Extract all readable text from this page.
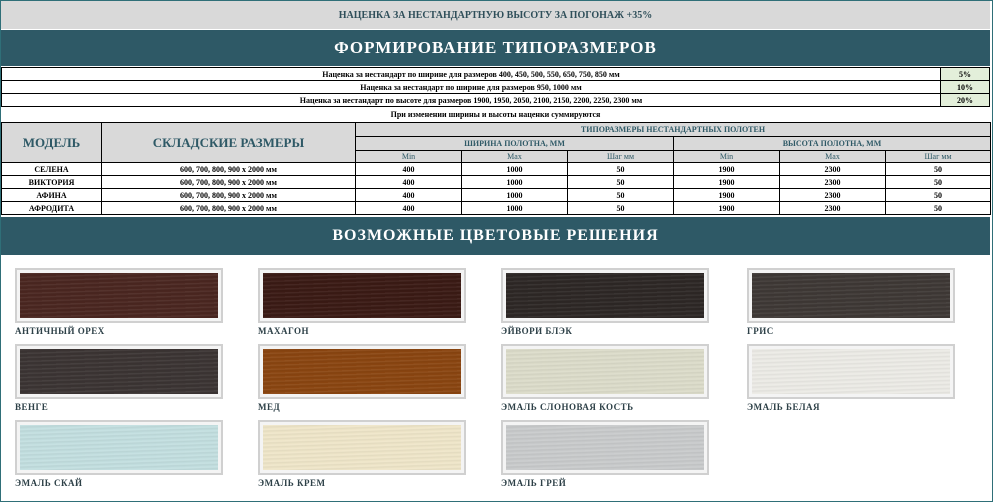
НАЦЕНКА ЗА НЕСТАНДАРТНУЮ ВЫСОТУ ЗА ПОГОНАЖ +35%
ФОРМИРОВАНИЕ ТИПОРАЗМЕРОВ
Наценка за нестандарт по ширине для размеров 400, 450, 500, 550, 650, 750, 850 мм	5%
Наценка за нестандарт по ширине для размеров 950, 1000 мм	10%
Наценка за нестандарт по высоте для размеров 1900, 1950, 2050, 2100, 2150, 2200, 2250, 2300 мм	20%
При изменении ширины и высоты наценки суммируются
МОДЕЛЬ	СКЛАДСКИЕ РАЗМЕРЫ	ТИПОРАЗМЕРЫ НЕСТАНДАРТНЫХ ПОЛОТЕН					
		ШИРИНА ПОЛОТНА, ММ			ВЫСОТА ПОЛОТНА, ММ		
		Min	Max	Шаг мм	Min	Max	Шаг мм
СЕЛЕНА	600, 700, 800, 900 х 2000 мм	400	1000	50	1900	2300	50
ВИКТОРИЯ	600, 700, 800, 900 х 2000 мм	400	1000	50	1900	2300	50
АФИНА	600, 700, 800, 900 х 2000 мм	400	1000	50	1900	2300	50
АФРОДИТА	600, 700, 800, 900 х 2000 мм	400	1000	50	1900	2300	50
ВОЗМОЖНЫЕ ЦВЕТОВЫЕ РЕШЕНИЯ
АНТИЧНЫЙ ОРЕХ	МАХАГОН	ЭЙВОРИ БЛЭК	ГРИС
ВЕНГЕ	МЕД	ЭМАЛЬ СЛОНОВАЯ КОСТЬ	ЭМАЛЬ БЕЛАЯ
ЭМАЛЬ СКАЙ	ЭМАЛЬ КРЕМ	ЭМАЛЬ ГРЕЙ
